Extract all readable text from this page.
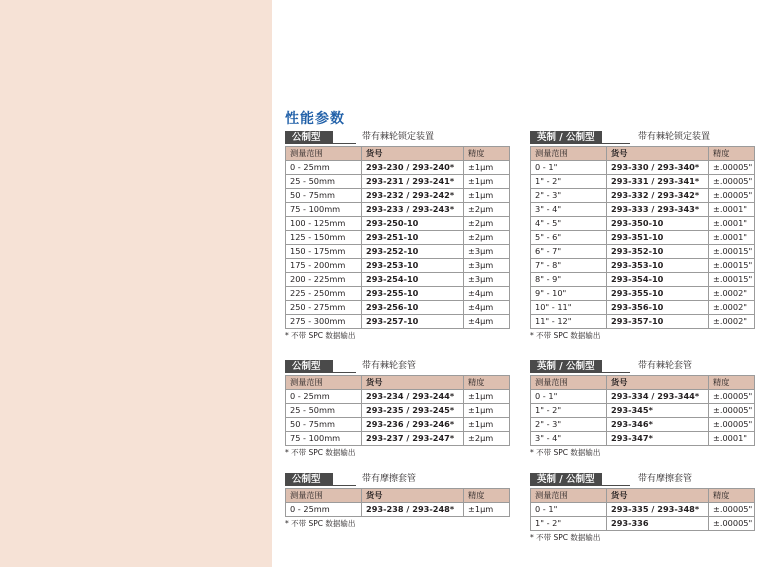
性能参数
公制型	带有棘轮锁定装置
测量范围	货号	精度
0 - 25mm	293-230 / 293-240*	±1µm
25 - 50mm	293-231 / 293-241*	±1µm
50 - 75mm	293-232 / 293-242*	±1µm
75 - 100mm	293-233 / 293-243*	±2µm
100 - 125mm	293-250-10	±2µm
125 - 150mm	293-251-10	±2µm
150 - 175mm	293-252-10	±3µm
175 - 200mm	293-253-10	±3µm
200 - 225mm	293-254-10	±3µm
225 - 250mm	293-255-10	±4µm
250 - 275mm	293-256-10	±4µm
275 - 300mm	293-257-10	±4µm
* 不带 SPC 数据输出
英制 / 公制型	带有棘轮锁定装置
测量范围	货号	精度
0 - 1"	293-330 / 293-340*	±.00005"
1" - 2"	293-331 / 293-341*	±.00005"
2" - 3"	293-332 / 293-342*	±.00005"
3" - 4"	293-333 / 293-343*	±.0001"
4" - 5"	293-350-10	±.0001"
5" - 6"	293-351-10	±.0001"
6" - 7"	293-352-10	±.00015"
7" - 8"	293-353-10	±.00015"
8" - 9"	293-354-10	±.00015"
9" - 10"	293-355-10	±.0002"
10" - 11"	293-356-10	±.0002"
11" - 12"	293-357-10	±.0002"
* 不带 SPC 数据输出
公制型	带有棘轮套管
测量范围	货号	精度
0 - 25mm	293-234 / 293-244*	±1µm
25 - 50mm	293-235 / 293-245*	±1µm
50 - 75mm	293-236 / 293-246*	±1µm
75 - 100mm	293-237 / 293-247*	±2µm
* 不带 SPC 数据输出
英制 / 公制型	带有棘轮套管
测量范围	货号	精度
0 - 1"	293-334 / 293-344*	±.00005"
1" - 2"	293-345*	±.00005"
2" - 3"	293-346*	±.00005"
3" - 4"	293-347*	±.0001"
* 不带 SPC 数据输出
公制型	带有摩擦套管
测量范围	货号	精度
0 - 25mm	293-238 / 293-248*	±1µm
* 不带 SPC 数据输出
英制 / 公制型	带有摩擦套管
测量范围	货号	精度
0 - 1"	293-335 / 293-348*	±.00005"
1" - 2"	293-336	±.00005"
* 不带 SPC 数据输出
